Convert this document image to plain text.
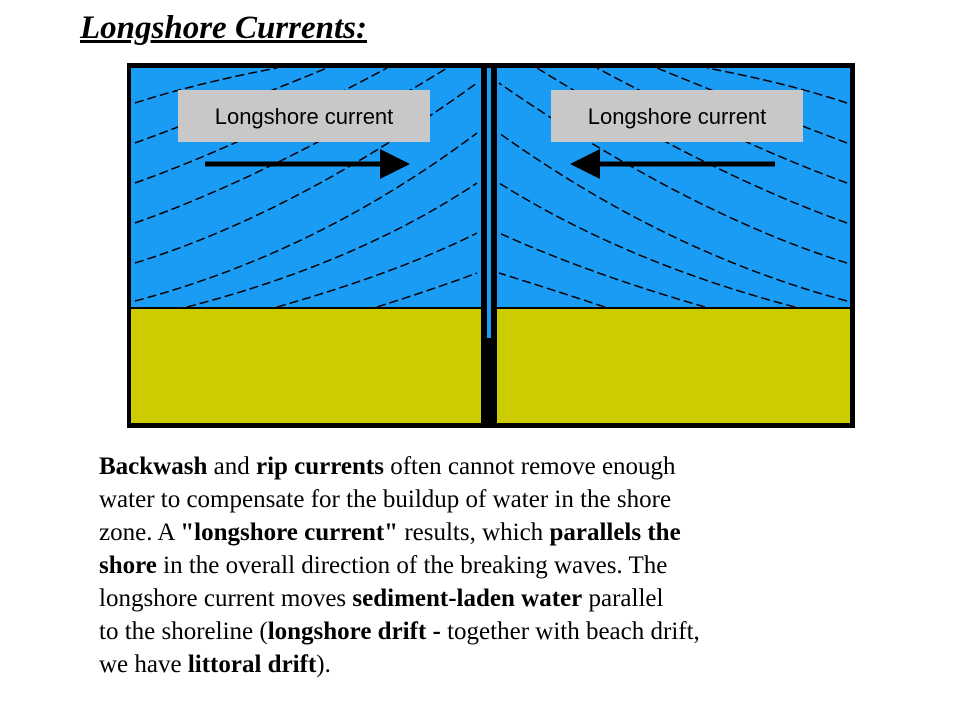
Longshore Currents:
Longshore current	Longshore current

Backwash and rip currents often cannot remove enough
water to compensate for the buildup of water in the shore
zone. A "longshore current" results, which parallels the
shore in the overall direction of the breaking waves. The
longshore current moves sediment-laden water parallel
to the shoreline (longshore drift - together with beach drift,
we have littoral drift).
